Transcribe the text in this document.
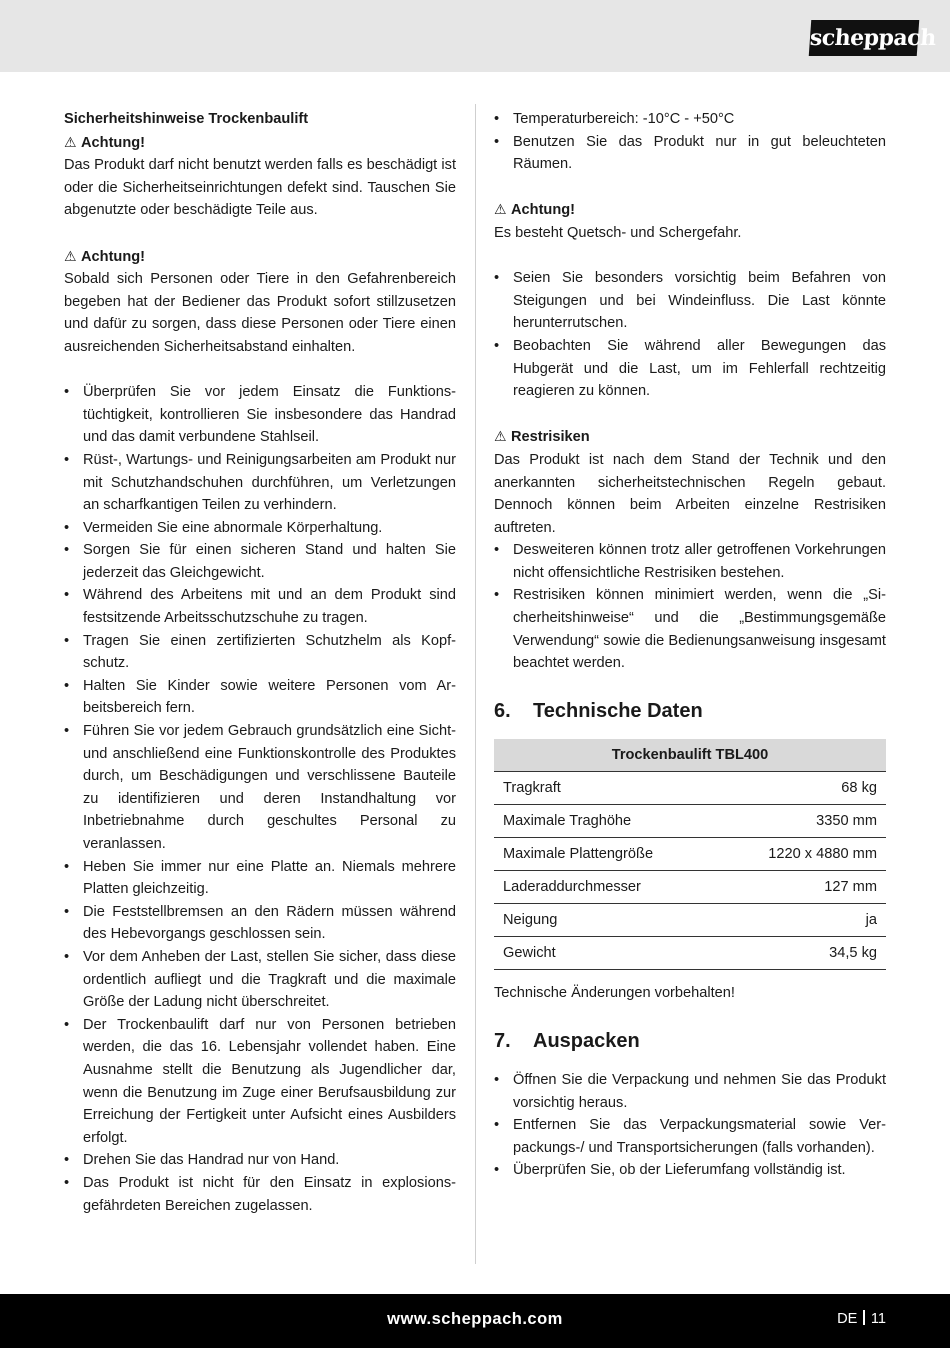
scheppach
Sicherheitshinweise Trockenbaulift
⚠ Achtung!
Das Produkt darf nicht benutzt werden falls es beschädigt ist oder die Sicherheitseinrichtungen defekt sind. Tauschen Sie abgenutzte oder beschädigte Teile aus.
⚠ Achtung!
Sobald sich Personen oder Tiere in den Gefahrenbereich begeben hat der Bediener das Produkt sofort stillzusetzen und dafür zu sorgen, dass diese Personen oder Tiere einen ausreichenden Sicherheitsabstand einhalten.
• Überprüfen Sie vor jedem Einsatz die Funktionstüchtigkeit, kontrollieren Sie insbesondere das Handrad und das damit verbundene Stahlseil.
• Rüst-, Wartungs- und Reinigungsarbeiten am Produkt nur mit Schutzhandschuhen durchführen, um Verletzungen an scharfkantigen Teilen zu verhindern.
• Vermeiden Sie eine abnormale Körperhaltung.
• Sorgen Sie für einen sicheren Stand und halten Sie jederzeit das Gleichgewicht.
• Während des Arbeitens mit und an dem Produkt sind festsitzende Arbeitsschutzschuhe zu tragen.
• Tragen Sie einen zertifizierten Schutzhelm als Kopfschutz.
• Halten Sie Kinder sowie weitere Personen vom Arbeitsbereich fern.
• Führen Sie vor jedem Gebrauch grundsätzlich eine Sicht- und anschließend eine Funktionskontrolle des Produktes durch, um Beschädigungen und verschlissene Bauteile zu identifizieren und deren Instandhaltung vor Inbetriebnahme durch geschultes Personal zu veranlassen.
• Heben Sie immer nur eine Platte an. Niemals mehrere Platten gleichzeitig.
• Die Feststellbremsen an den Rädern müssen während des Hebevorgangs geschlossen sein.
• Vor dem Anheben der Last, stellen Sie sicher, dass diese ordentlich aufliegt und die Tragkraft und die maximale Größe der Ladung nicht überschreitet.
• Der Trockenbaulift darf nur von Personen betrieben werden, die das 16. Lebensjahr vollendet haben. Eine Ausnahme stellt die Benutzung als Jugendlicher dar, wenn die Benutzung im Zuge einer Berufsausbildung zur Erreichung der Fertigkeit unter Aufsicht eines Ausbilders erfolgt.
• Drehen Sie das Handrad nur von Hand.
• Das Produkt ist nicht für den Einsatz in explosionsgefährdeten Bereichen zugelassen.
• Temperaturbereich: -10°C - +50°C
• Benutzen Sie das Produkt nur in gut beleuchteten Räumen.
⚠ Achtung!
Es besteht Quetsch- und Schergefahr.
• Seien Sie besonders vorsichtig beim Befahren von Steigungen und bei Windeinfluss. Die Last könnte herunterrutschen.
• Beobachten Sie während aller Bewegungen das Hubgerät und die Last, um im Fehlerfall rechtzeitig reagieren zu können.
⚠ Restrisiken
Das Produkt ist nach dem Stand der Technik und den anerkannten sicherheitstechnischen Regeln gebaut. Dennoch können beim Arbeiten einzelne Restrisiken auftreten.
• Desweiteren können trotz aller getroffenen Vorkehrungen nicht offensichtliche Restrisiken bestehen.
• Restrisiken können minimiert werden, wenn die „Sicherheitshinweise“ und die „Bestimmungsgemäße Verwendung“ sowie die Bedienungsanweisung insgesamt beachtet werden.
6.	Technische Daten
Trockenbaulift TBL400	
Tragkraft	68 kg
Maximale Traghöhe	3350 mm
Maximale Plattengröße	1220 x 4880 mm
Laderaddurchmesser	127 mm
Neigung	ja
Gewicht	34,5 kg
Technische Änderungen vorbehalten!
7.	Auspacken
• Öffnen Sie die Verpackung und nehmen Sie das Produkt vorsichtig heraus.
• Entfernen Sie das Verpackungsmaterial sowie Verpackungs-/ und Transportsicherungen (falls vorhanden).
• Überprüfen Sie, ob der Lieferumfang vollständig ist.
www.scheppach.com	DE 11
